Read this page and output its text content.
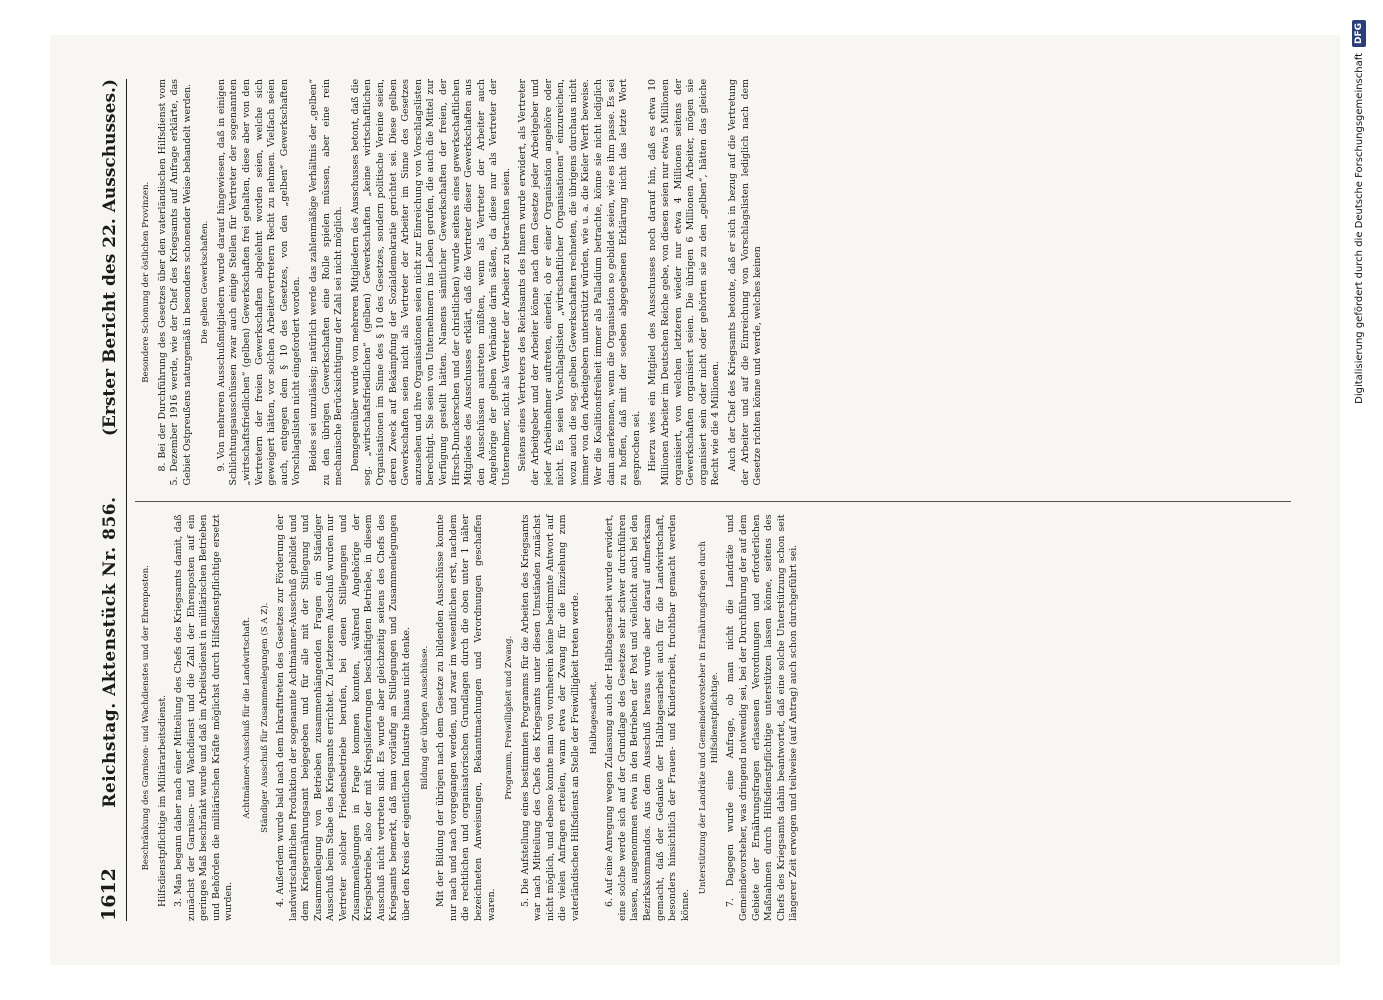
1612
Reichstag. Aktenstück Nr. 856.
(Erster Bericht des 22. Ausschusses.)

Beschränkung des Garnison- und Wachdienstes und der Ehrenposten. Hilfsdienstpflichtige im Militärarbeitsdienst. 3. Man begann daher nach einer Mitteilung des Chefs des Kriegsamts damit, daß zunächst der Garnison- und Wachdienst und die Zahl der Ehrenposten auf ein geringes Maß beschränkt wurde und daß im Arbeitsdienst in militärischen Betrieben und Behörden die militärischen Kräfte möglichst durch Hilfsdienstpflichtige ersetzt wurden.

Achtmänner-Ausschuß für die Landwirtschaft. Ständiger Ausschuß für Zusammenlegungen (S A Z). 4. Außerdem wurde bald nach dem Inkrafttreten des Gesetzes zur Förderung der landwirtschaftlichen Produktion der sogenannte Achtmänner-Ausschuß gebildet und dem Kriegsernährungsamt beigegeben und für alle mit der Stillegung und Zusammenlegung von Betrieben zusammenhängenden Fragen ein Ständiger Ausschuß beim Stabe des Kriegsamts errichtet. Zu letzterem Ausschuß wurden nur Vertreter solcher Friedensbetriebe berufen, bei denen Stillegungen und Zusammenlegungen in Frage kommen konnten, während Angehörige der Kriegsbetriebe, also der mit Kriegslieferungen beschäftigten Betriebe, in diesem Ausschuß nicht vertreten sind. Es wurde aber gleichzeitig seitens des Chefs des Kriegsamts bemerkt, daß man vorläufig an Stillegungen und Zusammenlegungen über den Kreis der eigentlichen Industrie hinaus nicht denke. Bildung der übrigen Ausschüsse. Mit der Bildung der übrigen nach dem Gesetze zu bildenden Ausschüsse konnte nur nach und nach vorgegangen werden, und zwar im wesentlichen erst, nachdem die rechtlichen und organisatorischen Grundlagen durch die oben unter 1 näher bezeichneten Anweisungen, Bekanntmachungen und Verordnungen geschaffen waren.

Programm, Freiwilligkeit und Zwang. 5. Die Aufstellung eines bestimmten Programms für die Arbeiten des Kriegsamts war nach Mitteilung des Chefs des Kriegsamts unter diesen Umständen zunächst nicht möglich, und ebenso konnte man von vornherein keine bestimmte Antwort auf die vielen Anfragen erteilen, wann etwa der Zwang für die Einziehung zum vaterländischen Hilfsdienst an Stelle der Freiwilligkeit treten werde. Halbtagesarbeit. 6. Auf eine Anregung wegen Zulassung auch der Halbtagesarbeit wurde erwidert, eine solche werde sich auf der Grundlage des Gesetzes sehr schwer durchführen lassen, ausgenommen etwa in den Betrieben der Post und vielleicht auch bei den Bezirkskommandos. Aus dem Ausschuß heraus wurde aber darauf aufmerksam gemacht, daß der Gedanke der Halbtagesarbeit auch für die Landwirtschaft, besonders hinsichtlich der Frauen- und Kinderarbeit, fruchtbar gemacht werden könne.

Unterstützung der Landräte und Gemeindevorsteher in Ernährungsfragen durch Hilfsdienstpflichtige. 7. Dagegen wurde eine Anfrage, ob man nicht die Landräte und Gemeindevorsteher, was dringend notwendig sei, bei der Durchführung der auf dem Gebiete der Ernährungsfragen erlassenen Verordnungen und erforderlichen Maßnahmen durch Hilfsdienstpflichtige unterstützen lassen könne, seitens des Chefs des Kriegsamts dahin beantwortet, daß eine solche Unterstützung schon seit längerer Zeit erwogen und teilweise (auf Antrag) auch schon durchgeführt sei.

Besondere Schonung der östlichen Provinzen. 8. Bei der Durchführung des Gesetzes über den vaterländischen Hilfsdienst vom 5. Dezember 1916 werde, wie der Chef des Kriegsamts auf Anfrage erklärte, das Gebiet Ostpreußens naturgemäß in besonders schonender Weise behandelt werden. Die gelben Gewerkschaften. 9. Von mehreren Ausschußmitgliedern wurde darauf hingewiesen, daß in einigen Schlichtungsausschüssen zwar auch einige Stellen für Vertreter der sogenannten „wirtschaftsfriedlichen“ (gelben) Gewerkschaften frei gehalten, diese aber von den Vertretern der freien Gewerkschaften abgelehnt worden seien, welche sich geweigert hätten, vor solchen Arbeitervertretern Recht zu nehmen. Vielfach seien auch, entgegen dem § 10 des Gesetzes, von den „gelben“ Gewerkschaften Vorschlagslisten nicht eingefordert worden. Beides sei unzulässig; natürlich werde das zahlenmäßige Verhältnis der „gelben“ zu den übrigen Gewerkschaften eine Rolle spielen müssen, aber eine rein mechanische Berücksichtigung der Zahl sei nicht möglich. Demgegenüber wurde von mehreren Mitgliedern des Ausschusses betont, daß die sog. „wirtschaftsfriedlichen“ (gelben) Gewerkschaften „keine wirtschaftlichen Organisationen im Sinne des § 10 des Gesetzes, sondern politische Vereine seien, deren Zweck auf Bekämpfung der Sozialdemokratie gerichtet sei. Diese gelben Gewerkschaften seien nicht als Vertreter der Arbeiter im Sinne des Gesetzes anzusehen und ihre Organisationen seien nicht zur Einreichung von Vorschlagslisten berechtigt. Sie seien von Unternehmern ins Leben gerufen, die auch die Mittel zur Verfügung gestellt hätten. Namens sämtlicher Gewerkschaften der freien, der Hirsch-Dunckerschen und der christlichen) wurde seitens eines gewerkschaftlichen Mitgliedes des Ausschusses erklärt, daß die Vertreter dieser Gewerkschaften aus den Ausschüssen austreten müßten, wenn als Vertreter der Arbeiter auch Angehörige der gelben Verbände darin säßen, da diese nur als Vertreter der Unternehmer, nicht als Vertreter der Arbeiter zu betrachten seien. Seitens eines Vertreters des Reichsamts des Innern wurde erwidert, als Vertreter der Arbeitgeber und der Arbeiter könne nach dem Gesetze jeder Arbeitgeber und jeder Arbeitnehmer auftreten, einerlei, ob er einer Organisation angehöre oder nicht. Es seien Vorschlagslisten „wirtschaftlicher Organisationen“ einzureichen, wozu auch die sog. gelben Gewerkschaften rechneten, die übrigens durchaus nicht immer von den Arbeitgebern unterstützt würden, wie u. a. die Kieler Werft beweise. Wer die Koalitionsfreiheit immer als Palladium betrachte, könne sie nicht lediglich dann anerkennen, wenn die Organisation so gebildet seien, wie es ihm passe. Es sei zu hoffen, daß mit der soeben abgegebenen Erklärung nicht das letzte Wort gesprochen sei. Hierzu wies ein Mitglied des Ausschusses noch darauf hin, daß es etwa 10 Millionen Arbeiter im Deutschen Reiche gebe, von diesen seien nur etwa 5 Millionen organisiert, von welchen letzteren wieder nur etwa 4 Millionen seitens der Gewerkschaften organisiert seien. Die übrigen 6 Millionen Arbeiter, mögen sie organisiert sein oder nicht oder gehörten sie zu den „gelben“, hätten das gleiche Recht wie die 4 Millionen. Auch der Chef des Kriegsamts betonte, daß er sich in bezug auf die Vertretung der Arbeiter und auf die Einreichung von Vorschlagslisten lediglich nach dem Gesetze richten könne und werde, welches keinen

DFG
Digitalisierung gefördert durch die Deutsche Forschungsgemeinschaft
